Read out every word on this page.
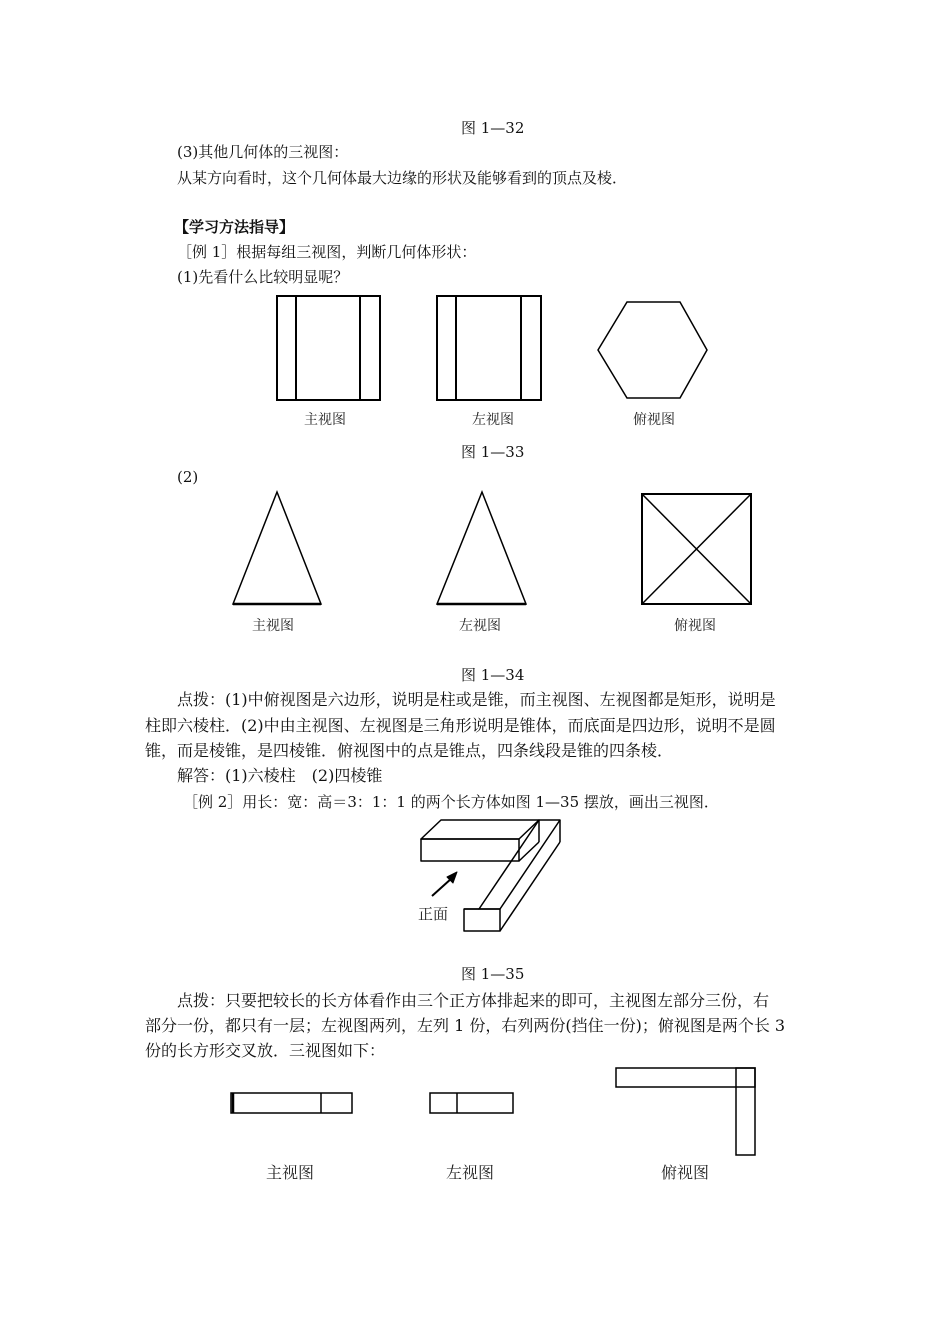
图 1—32
(3)其他几何体的三视图：
从某方向看时，这个几何体最大边缘的形状及能够看到的顶点及棱．
【学习方法指导】
［例 1］根据每组三视图，判断几何体形状：
(1)先看什么比较明显呢？
主视图	左视图	俯视图
图 1—33
(2)
主视图	左视图	俯视图
图 1—34
点拨：(1)中俯视图是六边形，说明是柱或是锥，而主视图、左视图都是矩形，说明是
柱即六棱柱．(2)中由主视图、左视图是三角形说明是锥体，而底面是四边形，说明不是圆
锥，而是棱锥，是四棱锥．俯视图中的点是锥点，四条线段是锥的四条棱．
解答：(1)六棱柱　(2)四棱锥
［例 2］用长：宽：高＝3：1：1 的两个长方体如图 1—35 摆放，画出三视图．
正面
图 1—35
点拨：只要把较长的长方体看作由三个正方体排起来的即可，主视图左部分三份，右
部分一份，都只有一层；左视图两列，左列 1 份，右列两份(挡住一份)；俯视图是两个长 3
份的长方形交叉放．三视图如下：
主视图	左视图	俯视图
